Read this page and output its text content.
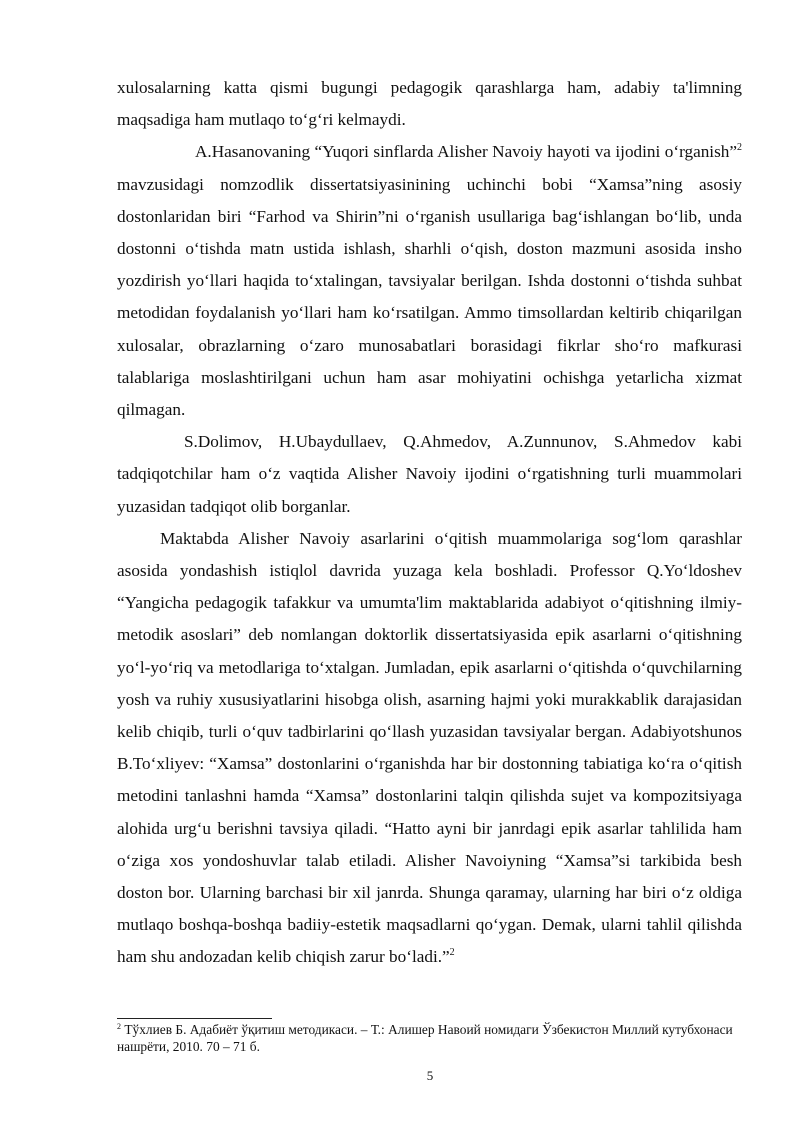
xulosalarning katta qismi bugungi pedagogik qarashlarga ham, adabiy ta'limning maqsadiga ham mutlaqo to‘g‘ri kelmaydi.

A.Hasanovaning “Yuqori sinflarda Alisher Navoiy hayoti va ijodini o‘rganish”$^2$ mavzusidagi nomzodlik dissertatsiyasinining uchinchi bobi “Xamsa”ning asosiy dostonlaridan biri “Farhod va Shirin”ni o‘rganish usullariga bag‘ishlangan bo‘lib, unda dostonni o‘tishda matn ustida ishlash, sharhli o‘qish, doston mazmuni asosida insho yozdirish yo‘llari haqida to‘xtalingan, tavsiyalar berilgan. Ishda dostonni o‘tishda suhbat metodidan foydalanish yo‘llari ham ko‘rsatilgan. Ammo timsollardan keltirib chiqarilgan xulosalar, obrazlarning o‘zaro munosabatlari borasidagi fikrlar sho‘ro mafkurasi talablariga moslashtirilgani uchun ham asar mohiyatini ochishga yetarlicha xizmat qilmagan.

S.Dolimov, H.Ubaydullaev, Q.Ahmedov, A.Zunnunov, S.Ahmedov kabi tadqiqotchilar ham o‘z vaqtida Alisher Navoiy ijodini o‘rgatishning turli muammolari yuzasidan tadqiqot olib borganlar.

Maktabda Alisher Navoiy asarlarini o‘qitish muammolariga sog‘lom qarashlar asosida yondashish istiqlol davrida yuzaga kela boshladi. Professor Q.Yo‘ldoshev “Yangicha pedagogik tafakkur va umumta'lim maktablarida adabiyot o‘qitishning ilmiy-metodik asoslari” deb nomlangan doktorlik dissertatsiyasida epik asarlarni o‘qitishning yo‘l-yo‘riq va metodlariga to‘xtalgan. Jumladan, epik asarlarni o‘qitishda o‘quvchilarning yosh va ruhiy xususiyatlarini hisobga olish, asarning hajmi yoki murakkablik darajasidan kelib chiqib, turli o‘quv tadbirlarini qo‘llash yuzasidan tavsiyalar bergan. Adabiyotshunos B.To‘xliyev: “Xamsa” dostonlarini o‘rganishda har bir dostonning tabiatiga ko‘ra o‘qitish metodini tanlashni hamda “Xamsa” dostonlarini talqin qilishda sujet va kompozitsiyaga alohida urg‘u berishni tavsiya qiladi. “Hatto ayni bir janrdagi epik asarlar tahlilida ham o‘ziga xos yondoshuvlar talab etiladi. Alisher Navoiyning “Xamsa”si tarkibida besh doston bor. Ularning barchasi bir xil janrda. Shunga qaramay, ularning har biri o‘z oldiga mutlaqo boshqa-boshqa badiiy-estetik maqsadlarni qo‘ygan. Demak, ularni tahlil qilishda ham shu andozadan kelib chiqish zarur bo‘ladi.”$^2$

$^2$ Тўхлиев Б. Адабиёт ўқитиш методикаси. – Т.: Алишер Навоий номидаги Ўзбекистон Миллий кутубхонаси нашрёти, 2010. 70 – 71 б.
5
